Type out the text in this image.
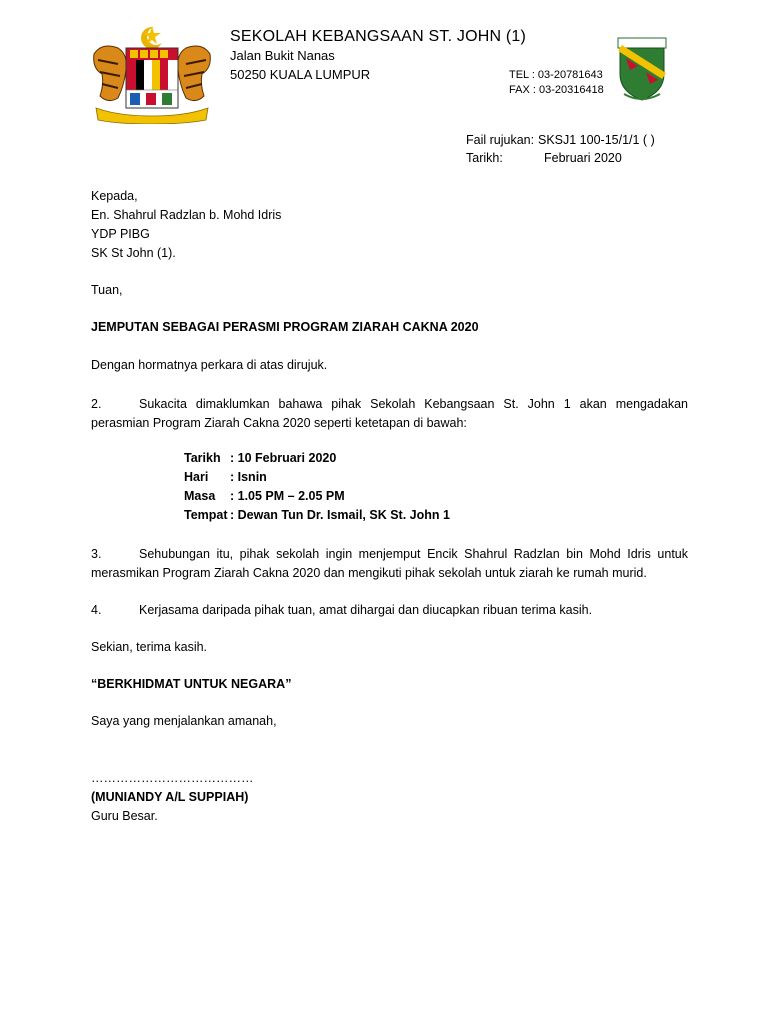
SEKOLAH KEBANGSAAN ST. JOHN (1)
Jalan Bukit Nanas
50250 KUALA LUMPUR	TEL : 03-20781643
FAX : 03-20316418
Fail rujukan: SKSJ1 100-15/1/1 ( )
Tarikh:	Februari 2020
Kepada,
En. Shahrul Radzlan b. Mohd Idris
YDP PIBG
SK St John (1).
Tuan,
JEMPUTAN SEBAGAI PERASMI PROGRAM ZIARAH CAKNA 2020
Dengan hormatnya perkara di atas dirujuk.
2.	Sukacita dimaklumkan bahawa pihak Sekolah Kebangsaan St. John 1 akan mengadakan perasmian Program Ziarah Cakna 2020 seperti ketetapan di bawah:
Tarikh : 10 Februari 2020
Hari : Isnin
Masa : 1.05 PM – 2.05 PM
Tempat : Dewan Tun Dr. Ismail, SK St. John 1
3.	Sehubungan itu, pihak sekolah ingin menjemput Encik Shahrul Radzlan bin Mohd Idris untuk merasmikan Program Ziarah Cakna 2020 dan mengikuti pihak sekolah untuk ziarah ke rumah murid.
4.	Kerjasama daripada pihak tuan, amat dihargai dan diucapkan ribuan terima kasih.
Sekian, terima kasih.
“BERKHIDMAT UNTUK NEGARA”
Saya yang menjalankan amanah,
…………………………………
(MUNIANDY A/L SUPPIAH)
Guru Besar.
